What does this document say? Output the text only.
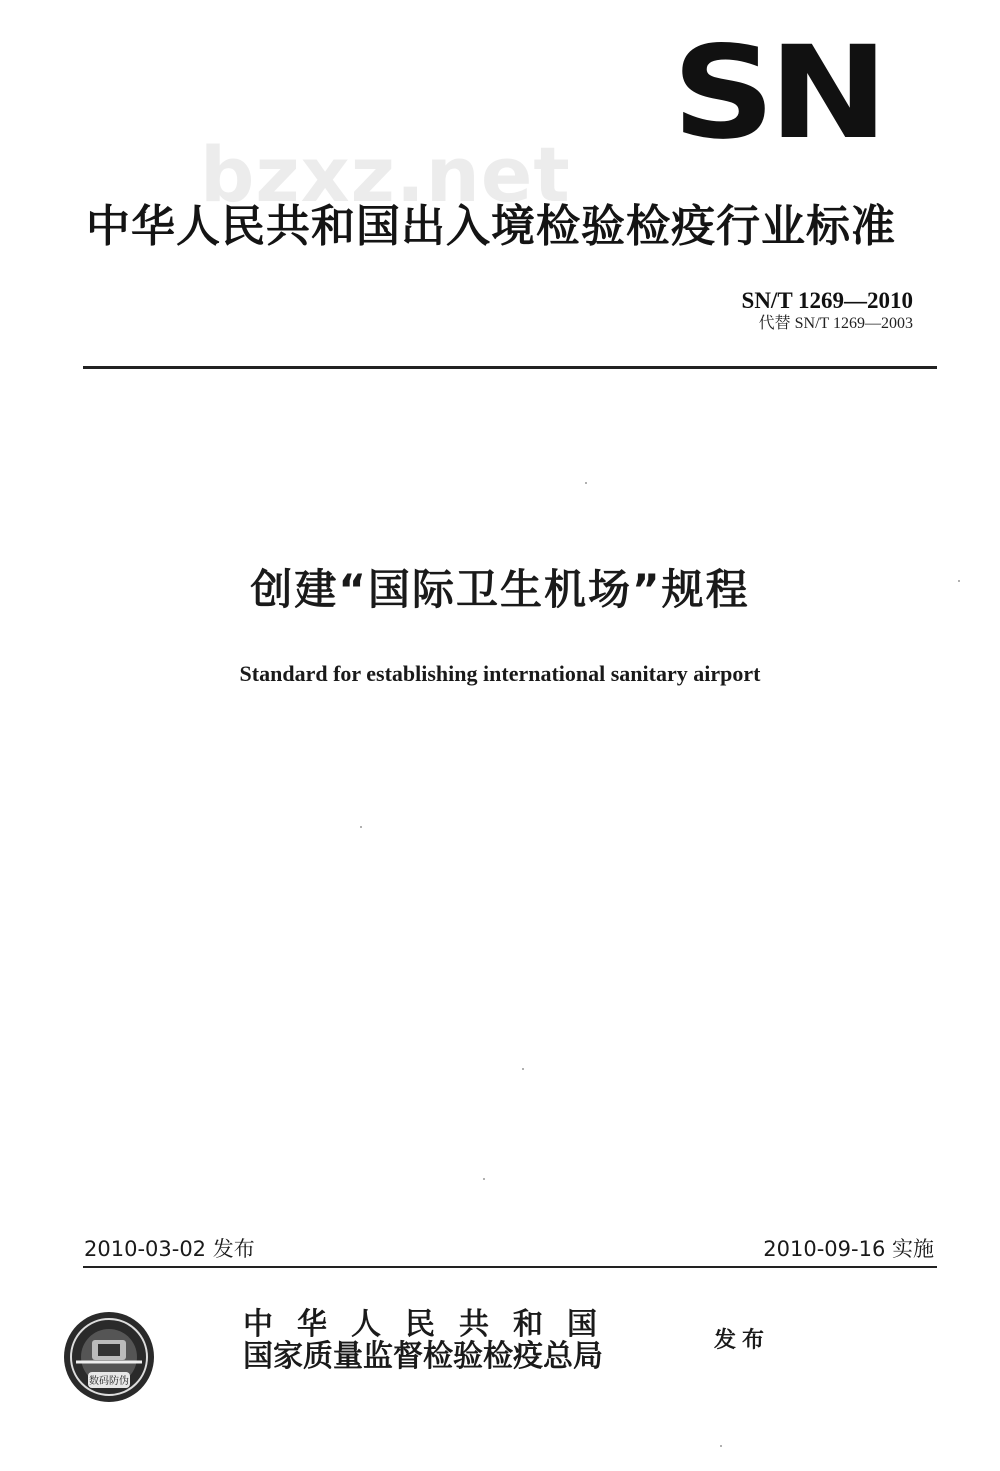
SN
bzxz.net
中华人民共和国出入境检验检疫行业标准
SN/T 1269—2010
代替 SN/T 1269—2003
创建“国际卫生机场”规程
Standard for establishing international sanitary airport
2010-03-02 发布	2010-09-16 实施
数码防伪
中华人民共和国
国家质量监督检验检疫总局	发布
